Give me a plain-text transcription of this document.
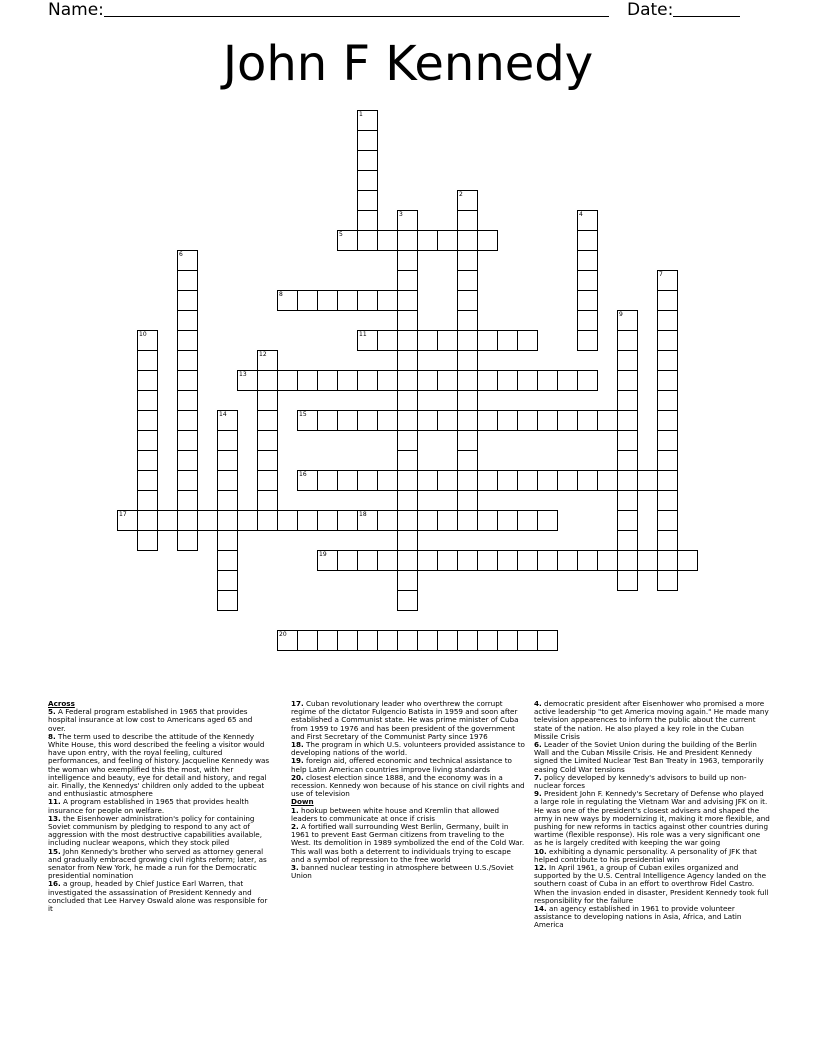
Name:	Date:
John F Kennedy
1
2
3	4
5
6
7
8
9
10	11
12
13
14	15
16
17	18
19
20
Across
5. A Federal program established in 1965 that provides hospital insurance at low cost to Americans aged 65 and over.
8. The term used to describe the attitude of the Kennedy White House, this word described the feeling a visitor would have upon entry, with the royal feeling, cultured performances, and feeling of history. Jacqueline Kennedy was the woman who exemplified this the most, with her intelligence and beauty, eye for detail and history, and regal air. Finally, the Kennedys' children only added to the upbeat and enthusiastic atmosphere
11. A program established in 1965 that provides health insurance for people on welfare.
13. the Eisenhower administration's policy for containing Soviet communism by pledging to respond to any act of aggression with the most destructive capabilities available, including nuclear weapons, which they stock piled
15. John Kennedy's brother who served as attorney general and gradually embraced growing civil rights reform; later, as senator from New York, he made a run for the Democratic presidential nomination
16. a group, headed by Chief Justice Earl Warren, that investigated the assassination of President Kennedy and concluded that Lee Harvey Oswald alone was responsible for it
17. Cuban revolutionary leader who overthrew the corrupt regime of the dictator Fulgencio Batista in 1959 and soon after established a Communist state. He was prime minister of Cuba from 1959 to 1976 and has been president of the government and First Secretary of the Communist Party since 1976
18. The program in which U.S. volunteers provided assistance to developing nations of the world.
19. foreign aid, offered economic and technical assistance to help Latin American countries improve living standards
20. closest election since 1888, and the economy was in a recession. Kennedy won because of his stance on civil rights and use of television
Down
1. hookup between white house and Kremlin that allowed leaders to communicate at once if crisis
2. A fortified wall surrounding West Berlin, Germany, built in 1961 to prevent East German citizens from traveling to the West. Its demolition in 1989 symbolized the end of the Cold War. This wall was both a deterrent to individuals trying to escape and a symbol of repression to the free world
3. banned nuclear testing in atmosphere between U.S./Soviet Union
4. democratic president after Eisenhower who promised a more active leadership "to get America moving again." He made many television appearences to inform the public about the current state of the nation. He also played a key role in the Cuban Missile Crisis
6. Leader of the Soviet Union during the building of the Berlin Wall and the Cuban Missile Crisis. He and President Kennedy signed the Limited Nuclear Test Ban Treaty in 1963, temporarily easing Cold War tensions
7. policy developed by kennedy's advisors to build up non-nuclear forces
9. President John F. Kennedy's Secretary of Defense who played a large role in regulating the Vietnam War and advising JFK on it. He was one of the president's closest advisers and shaped the army in new ways by modernizing it, making it more flexible, and pushing for new reforms in tactics against other countries during wartime (flexible response). His role was a very significant one as he is largely credited with keeping the war going
10. exhibiting a dynamic personality. A personality of JFK that helped contribute to his presidential win
12. In April 1961, a group of Cuban exiles organized and supported by the U.S. Central Intelligence Agency landed on the southern coast of Cuba in an effort to overthrow Fidel Castro. When the invasion ended in disaster, President Kennedy took full responsibility for the failure
14. an agency established in 1961 to provide volunteer assistance to developing nations in Asia, Africa, and Latin America
